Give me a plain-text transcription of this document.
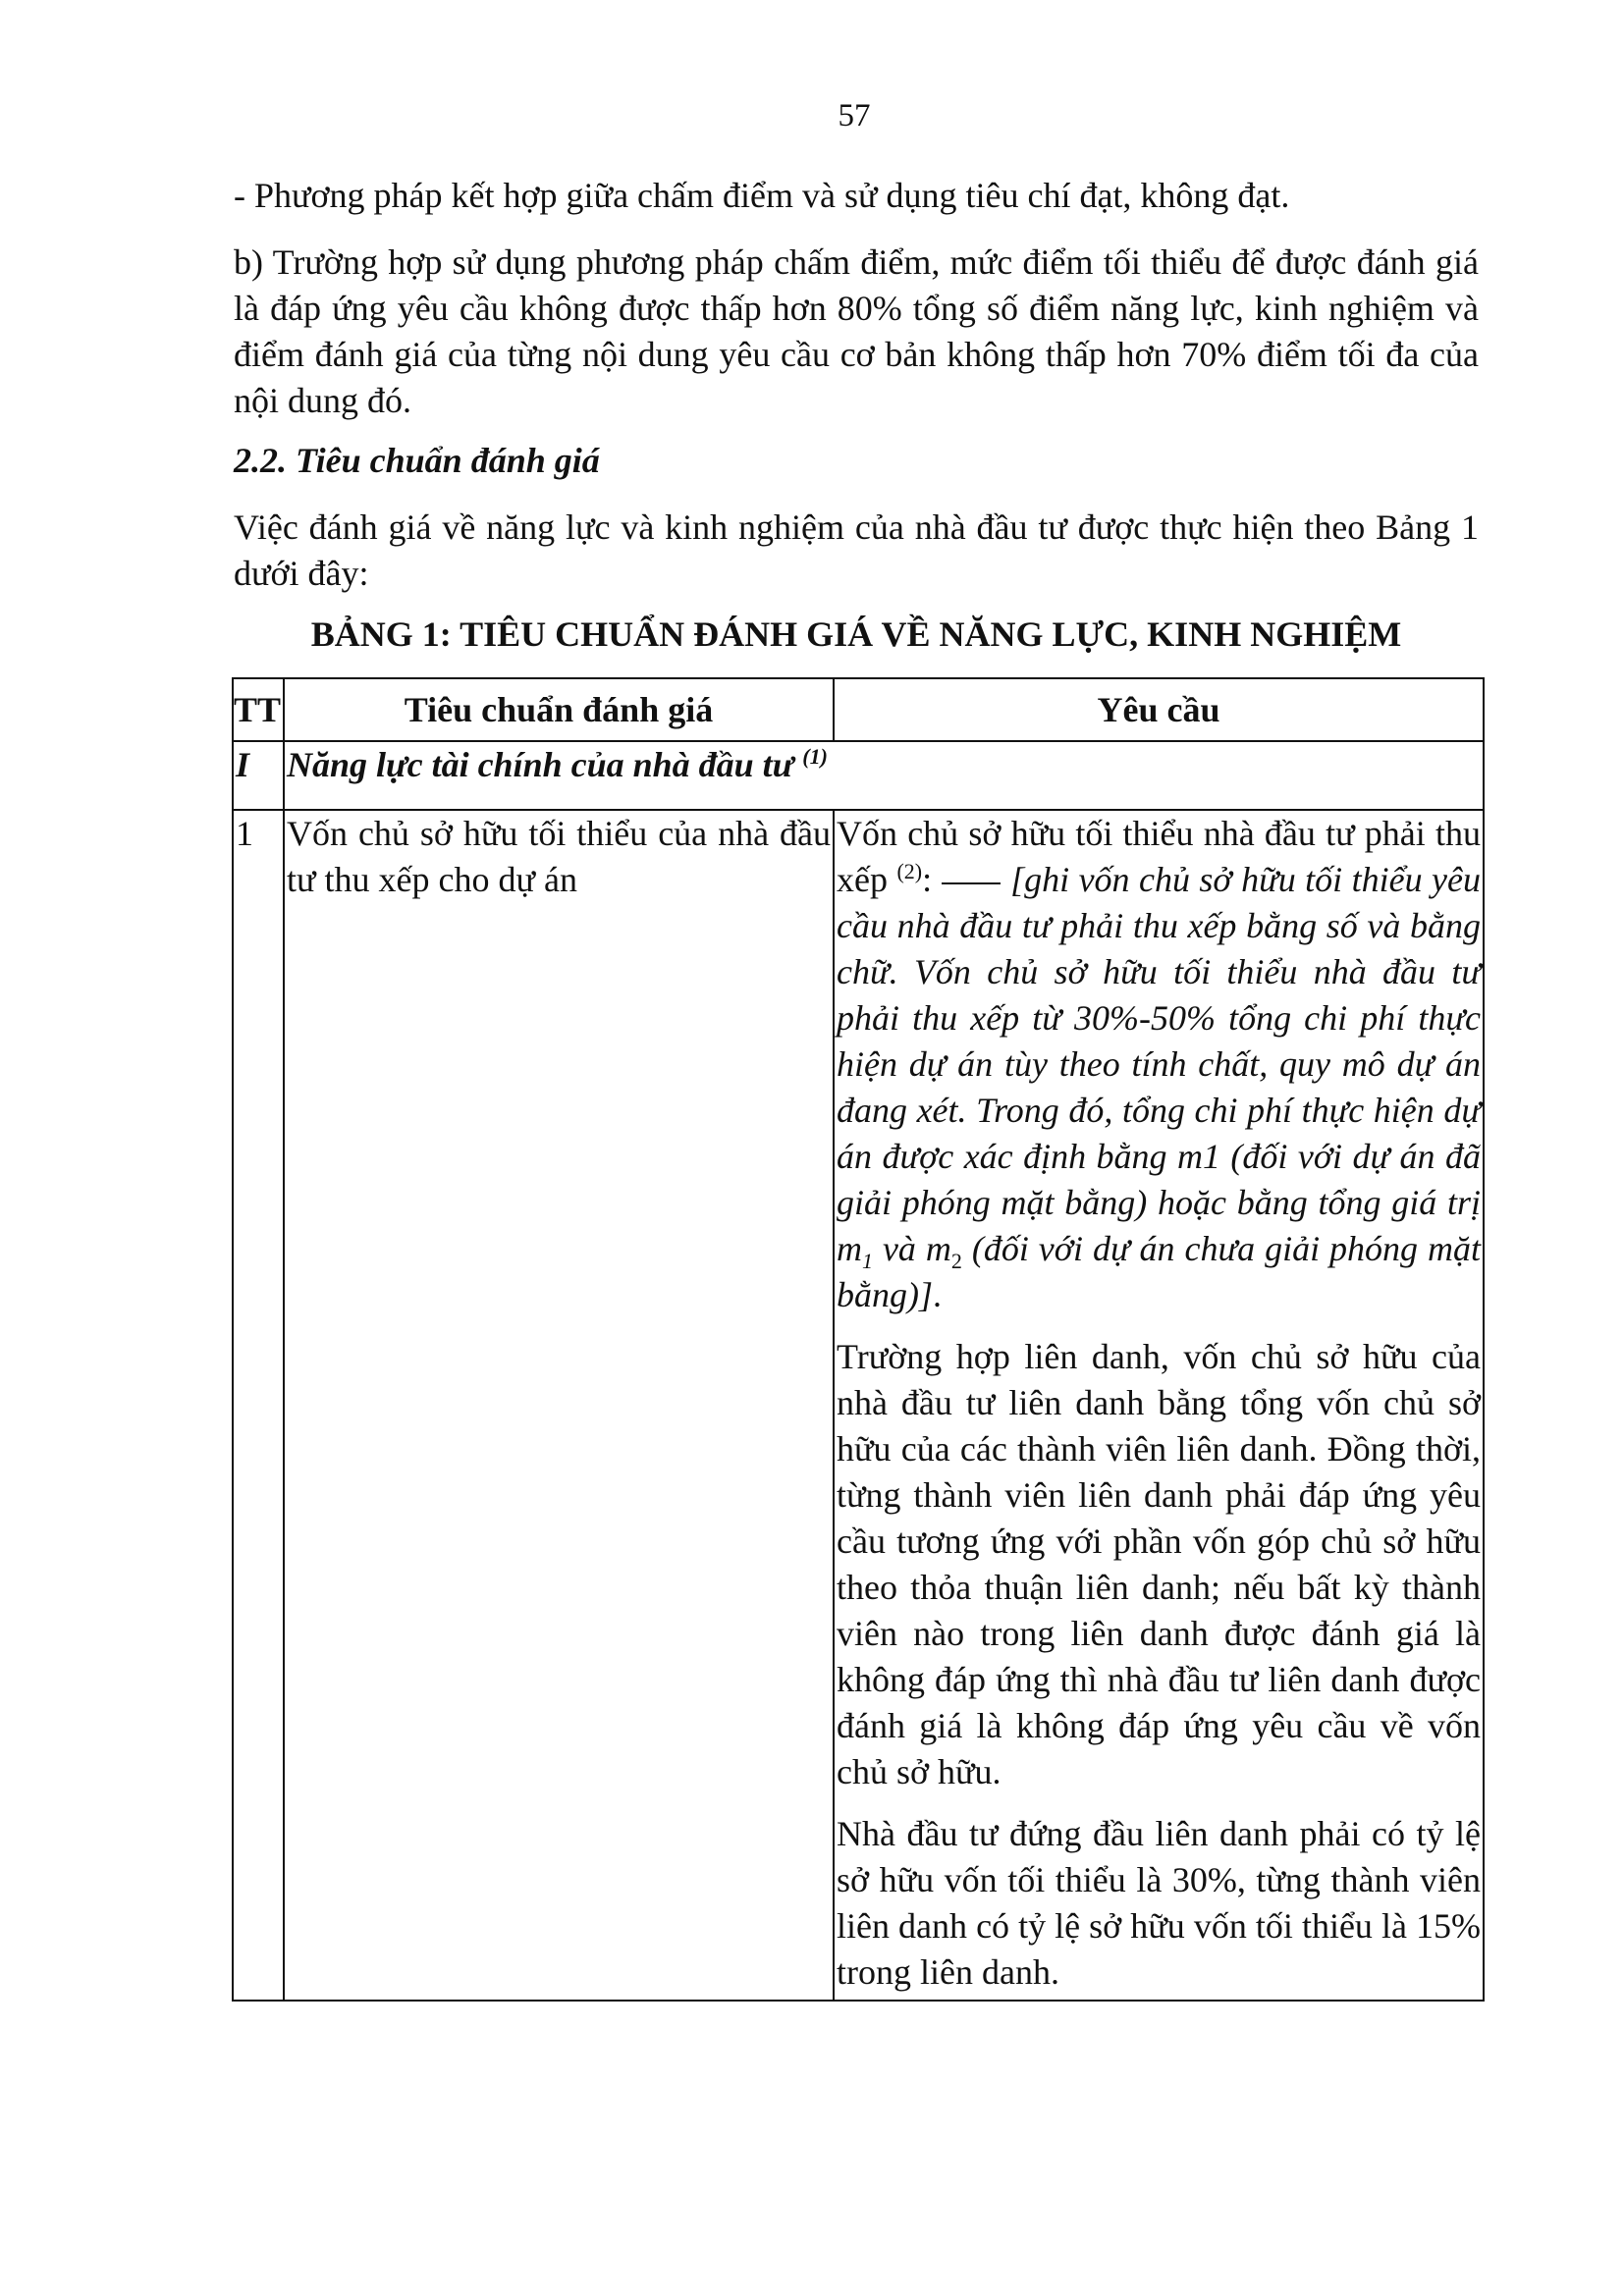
57
- Phương pháp kết hợp giữa chấm điểm và sử dụng tiêu chí đạt, không đạt.
b) Trường hợp sử dụng phương pháp chấm điểm, mức điểm tối thiểu để được đánh giá là đáp ứng yêu cầu không được thấp hơn 80% tổng số điểm năng lực, kinh nghiệm và điểm đánh giá của từng nội dung yêu cầu cơ bản không thấp hơn 70% điểm tối đa của nội dung đó.
2.2. Tiêu chuẩn đánh giá
Việc đánh giá về năng lực và kinh nghiệm của nhà đầu tư được thực hiện theo Bảng 1 dưới đây:
BẢNG 1: TIÊU CHUẨN ĐÁNH GIÁ VỀ NĂNG LỰC, KINH NGHIỆM
TT	Tiêu chuẩn đánh giá	Yêu cầu
I	Năng lực tài chính của nhà đầu tư $^{(1)}$
1	Vốn chủ sở hữu tối thiểu của nhà đầu tư thu xếp cho dự án	Vốn chủ sở hữu tối thiểu nhà đầu tư phải thu xếp $^{(2)}$: [ghi vốn chủ sở hữu tối thiểu yêu cầu nhà đầu tư phải thu xếp bằng số và bằng chữ. Vốn chủ sở hữu tối thiểu nhà đầu tư phải thu xếp từ 30%-50% tổng chi phí thực hiện dự án tùy theo tính chất, quy mô dự án đang xét. Trong đó, tổng chi phí thực hiện dự án được xác định bằng m1 (đối với dự án đã giải phóng mặt bằng) hoặc bằng tổng giá trị $m_1$ và $m_2$ (đối với dự án chưa giải phóng mặt bằng)].

Trường hợp liên danh, vốn chủ sở hữu của nhà đầu tư liên danh bằng tổng vốn chủ sở hữu của các thành viên liên danh. Đồng thời, từng thành viên liên danh phải đáp ứng yêu cầu tương ứng với phần vốn góp chủ sở hữu theo thỏa thuận liên danh; nếu bất kỳ thành viên nào trong liên danh được đánh giá là không đáp ứng thì nhà đầu tư liên danh được đánh giá là không đáp ứng yêu cầu về vốn chủ sở hữu.

Nhà đầu tư đứng đầu liên danh phải có tỷ lệ sở hữu vốn tối thiểu là 30%, từng thành viên liên danh có tỷ lệ sở hữu vốn tối thiểu là 15% trong liên danh.
